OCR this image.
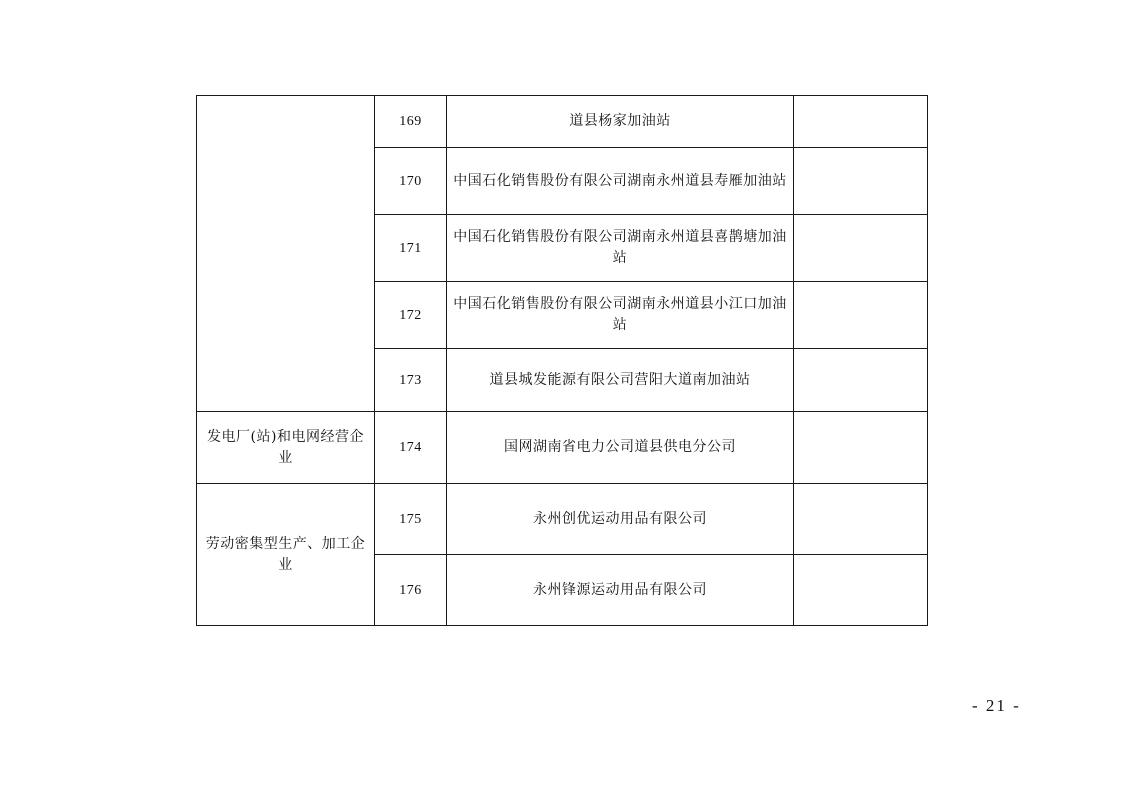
	169	道县杨家加油站	
	170	中国石化销售股份有限公司湖南永州道县寿雁加油站	
	171	中国石化销售股份有限公司湖南永州道县喜鹊塘加油站	
	172	中国石化销售股份有限公司湖南永州道县小江口加油站	
	173	道县城发能源有限公司营阳大道南加油站	
发电厂(站)和电网经营企业	174	国网湖南省电力公司道县供电分公司	
劳动密集型生产、加工企业	175	永州创优运动用品有限公司	
	176	永州锋源运动用品有限公司	
- 21 -
